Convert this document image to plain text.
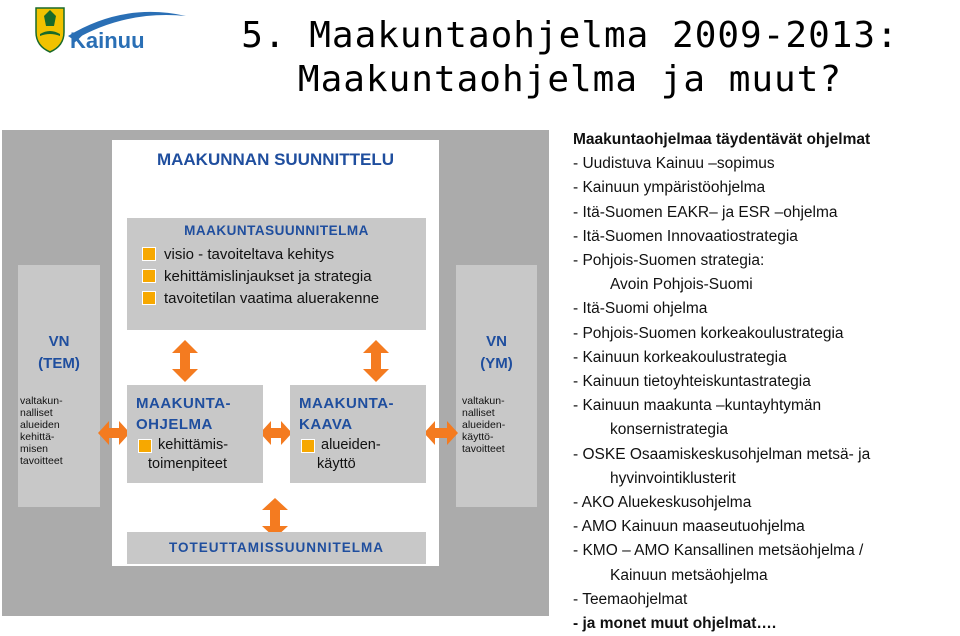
Kainuu	5. Maakuntaohjelma 2009-2013:
Maakuntaohjelma ja muut?
MAAKUNNAN SUUNNITTELU
MAAKUNTASUUNNITELMA
visio - tavoiteltava kehitys
kehittämislinjaukset ja strategia
tavoitetilan vaatima aluerakenne
VN
(TEM)
valtakun-
nalliset
alueiden
kehittä-
misen
tavoitteet
VN
(YM)
valtakun-
nalliset
alueiden-
käyttö-
tavoitteet
MAAKUNTA-
OHJELMA
kehittämis-
toimenpiteet
MAAKUNTA-
KAAVA
alueiden-
käyttö
TOTEUTTAMISSUUNNITELMA
Maakuntaohjelmaa täydentävät ohjelmat
- Uudistuva Kainuu –sopimus
- Kainuun ympäristöohjelma
- Itä-Suomen EAKR– ja ESR –ohjelma
- Itä-Suomen Innovaatiostrategia
- Pohjois-Suomen strategia:
Avoin Pohjois-Suomi
- Itä-Suomi ohjelma
- Pohjois-Suomen korkeakoulustrategia
- Kainuun korkeakoulustrategia
- Kainuun tietoyhteiskuntastrategia
- Kainuun maakunta –kuntayhtymän
konsernistrategia
- OSKE Osaamiskeskusohjelman metsä- ja
hyvinvointiklusterit
- AKO Aluekeskusohjelma
- AMO Kainuun maaseutuohjelma
- KMO – AMO Kansallinen metsäohjelma /
Kainuun metsäohjelma
- Teemaohjelmat
- ja monet muut ohjelmat….
